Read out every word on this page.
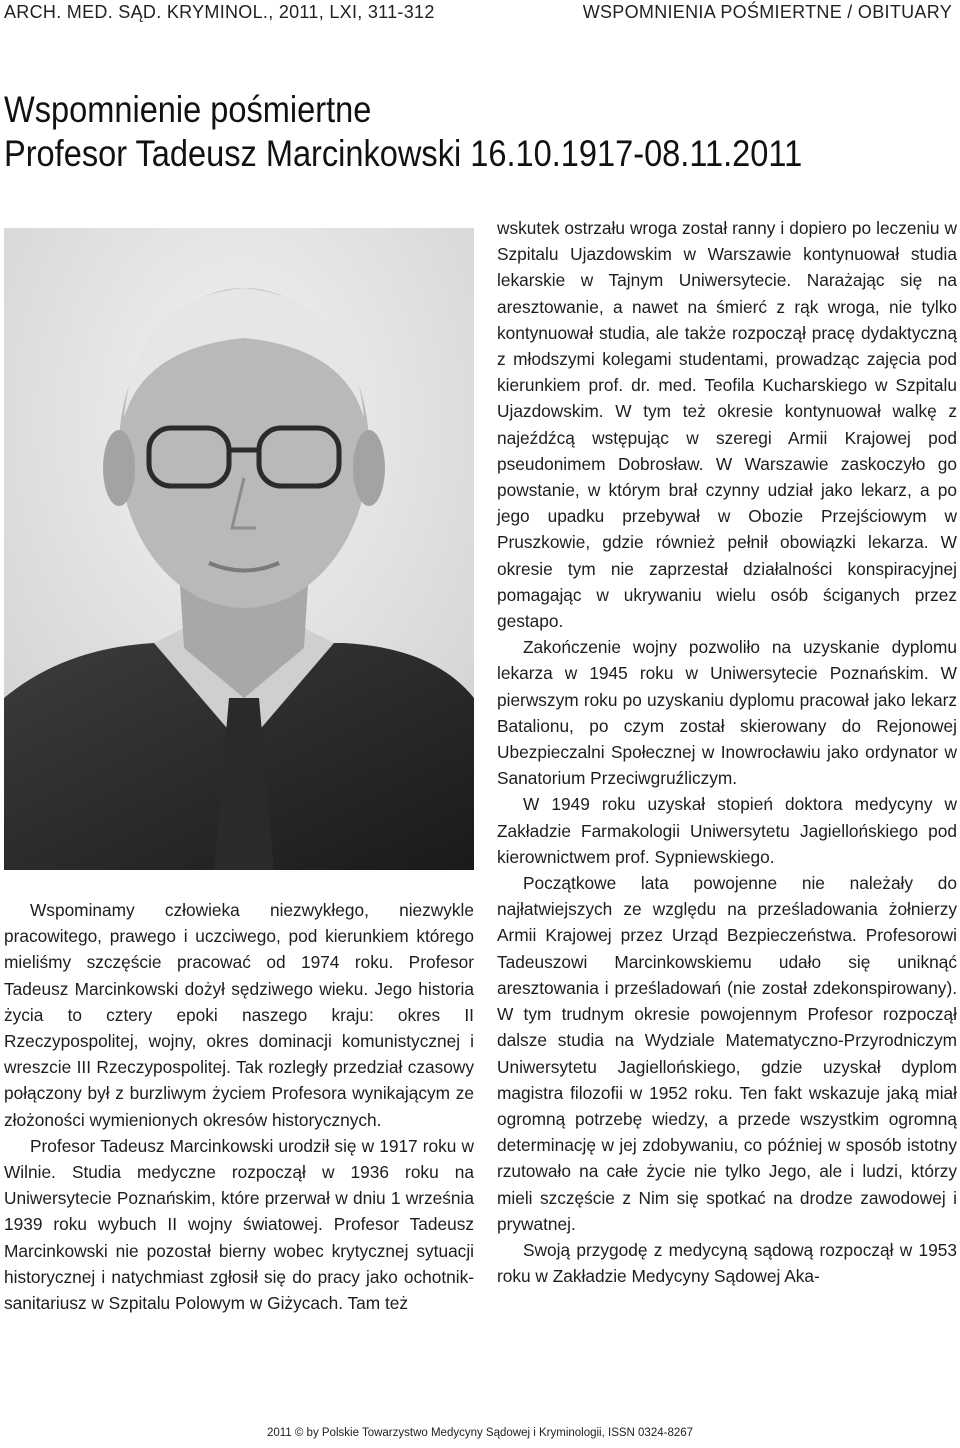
ARCH. MED. SĄD. KRYMINOL., 2011, LXI, 311-312	WSPOMNIENIA POŚMIERTNE / OBITUARY
Wspomnienie pośmiertne
Profesor Tadeusz Marcinkowski 16.10.1917-08.11.2011

Wspominamy człowieka niezwykłego, niezwykle pracowitego, prawego i uczciwego, pod kierunkiem którego mieliśmy szczęście pracować od 1974 roku. Profesor Tadeusz Marcinkowski dożył sędziwego wieku. Jego historia życia to cztery epoki naszego kraju: okres II Rzeczypospolitej, wojny, okres dominacji komunistycznej i wreszcie III Rzeczypospolitej. Tak rozległy przedział czasowy połączony był z burzliwym życiem Profesora wynikającym ze złożoności wymienionych okresów historycznych.

Profesor Tadeusz Marcinkowski urodził się w 1917 roku w Wilnie. Studia medyczne rozpoczął w 1936 roku na Uniwersytecie Poznańskim, które przerwał w dniu 1 września 1939 roku wybuch II wojny światowej. Profesor Tadeusz Marcinkowski nie pozostał bierny wobec krytycznej sytuacji historycznej i natychmiast zgłosił się do pracy jako ochotnik-sanitariusz w Szpitalu Polowym w Giżycach. Tam też

wskutek ostrzału wroga został ranny i dopiero po leczeniu w Szpitalu Ujazdowskim w Warszawie kontynuował studia lekarskie w Tajnym Uniwersytecie. Narażając się na aresztowanie, a nawet na śmierć z rąk wroga, nie tylko kontynuował studia, ale także rozpoczął pracę dydaktyczną z młodszymi kolegami studentami, prowadząc zajęcia pod kierunkiem prof. dr. med. Teofila Kucharskiego w Szpitalu Ujazdowskim. W tym też okresie kontynuował walkę z najeźdźcą wstępując w szeregi Armii Krajowej pod pseudonimem Dobrosław. W Warszawie zaskoczyło go powstanie, w którym brał czynny udział jako lekarz, a po jego upadku przebywał w Obozie Przejściowym w Pruszkowie, gdzie również pełnił obowiązki lekarza. W okresie tym nie zaprzestał działalności konspiracyjnej pomagając w ukrywaniu wielu osób ściganych przez gestapo.

Zakończenie wojny pozwoliło na uzyskanie dyplomu lekarza w 1945 roku w Uniwersytecie Poznańskim. W pierwszym roku po uzyskaniu dyplomu pracował jako lekarz Batalionu, po czym został skierowany do Rejonowej Ubezpieczalni Społecznej w Inowrocławiu jako ordynator w Sanatorium Przeciwgruźliczym.

W 1949 roku uzyskał stopień doktora medycyny w Zakładzie Farmakologii Uniwersytetu Jagiellońskiego pod kierownictwem prof. Sypniewskiego.

Początkowe lata powojenne nie należały do najłatwiejszych ze względu na prześladowania żołnierzy Armii Krajowej przez Urząd Bezpieczeństwa. Profesorowi Tadeuszowi Marcinkowskiemu udało się uniknąć aresztowania i prześladowań (nie został zdekonspirowany). W tym trudnym okresie powojennym Profesor rozpoczął dalsze studia na Wydziale Matematyczno-Przyrodniczym Uniwersytetu Jagiellońskiego, gdzie uzyskał dyplom magistra filozofii w 1952 roku. Ten fakt wskazuje jaką miał ogromną potrzebę wiedzy, a przede wszystkim ogromną determinację w jej zdobywaniu, co później w sposób istotny rzutowało na całe życie nie tylko Jego, ale i ludzi, którzy mieli szczęście z Nim się spotkać na drodze zawodowej i prywatnej.

Swoją przygodę z medycyną sądową rozpoczął w 1953 roku w Zakładzie Medycyny Sądowej Aka-

2011 © by Polskie Towarzystwo Medycyny Sądowej i Kryminologii, ISSN 0324-8267
